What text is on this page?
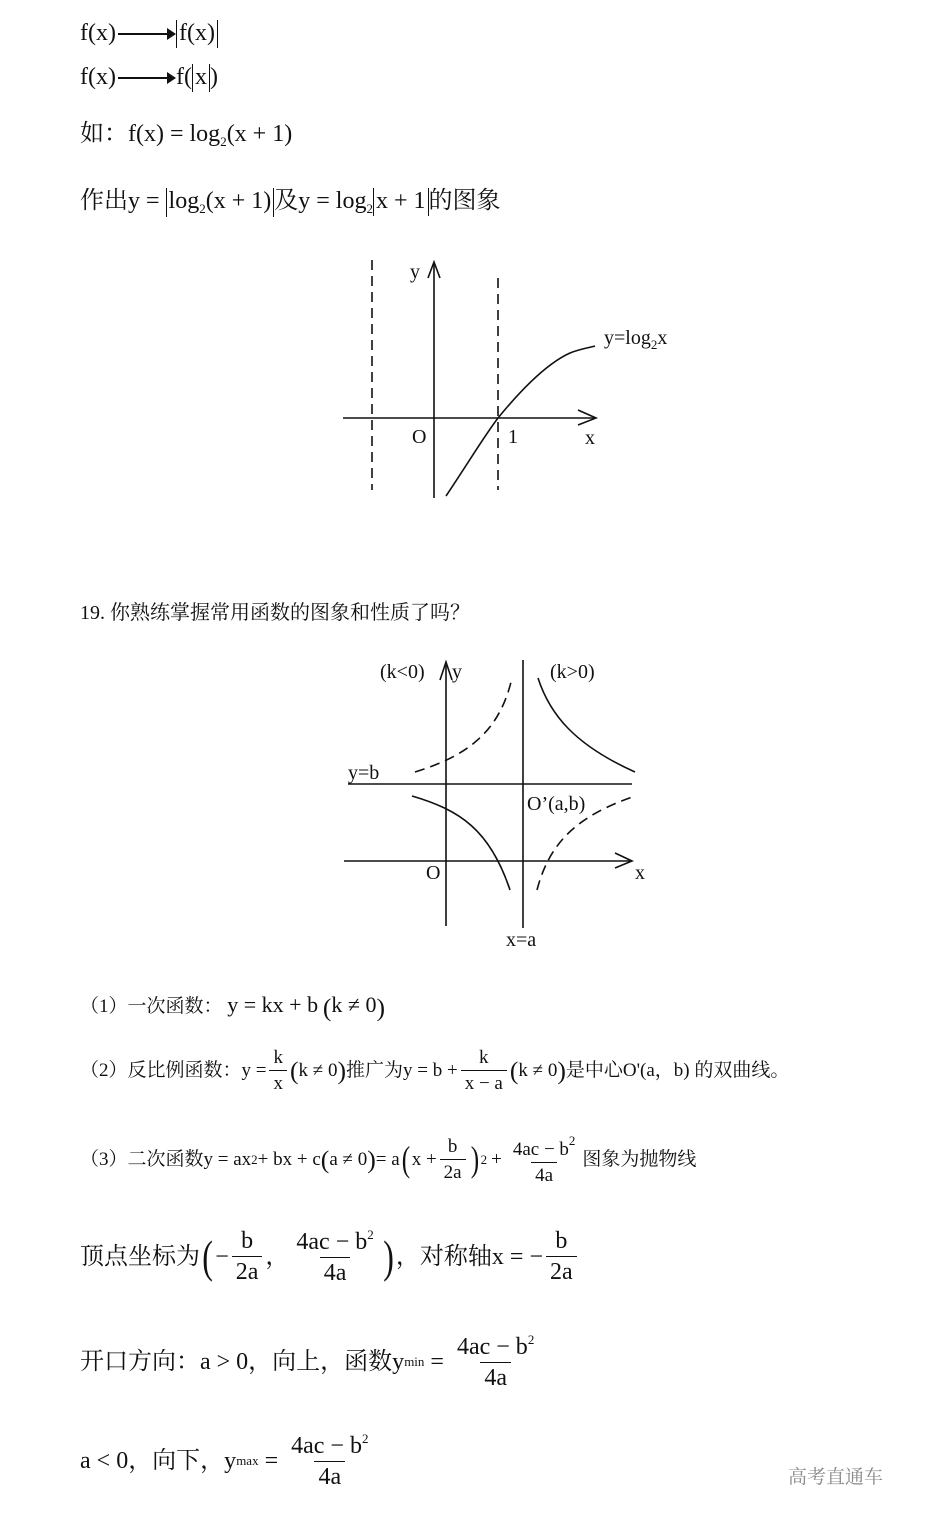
f(x)	f(x)
f(x)	f( x )
如：$f(x) = \log_2(x + 1)$
作出$y = \log_2(x + 1)$ 及$y = \log_2 x + 1$ 的图象
y
x
O	1
$y=\log_2x$
19. 你熟练掌握常用函数的图象和性质了吗？
(k<0) y	(k>0)
y=b
O’(a,b)
O	x
x=a
（1）一次函数： y = kx + b (k ≠ 0)
（2）反比例函数： $y = \frac{k}{x}$ ( k ≠ 0 ) 推广为$y = b + \frac{k}{x - a}$ ( k ≠ 0 ) 是中心O'(a，b) 的双曲线。
（3）二次函数 y = ax 2 + bx + c ( a ≠ 0 ) = a ( $x + \frac{b}{2a}$ ) $2 + \frac{4ac - b^2}{4a}$ 图象为抛物线
顶点坐标为 ( − $\frac{b}{2a}$ ， $\frac{4ac - b^2}{4a}$ ) ，对称轴x = − $\frac{b}{2a}$
开口方向：a > 0，向上，函数y $\min = \frac{4ac - b^2}{4a}$
a < 0，向下，y $\max = \frac{4ac - b^2}{4a}$	高考直通车
